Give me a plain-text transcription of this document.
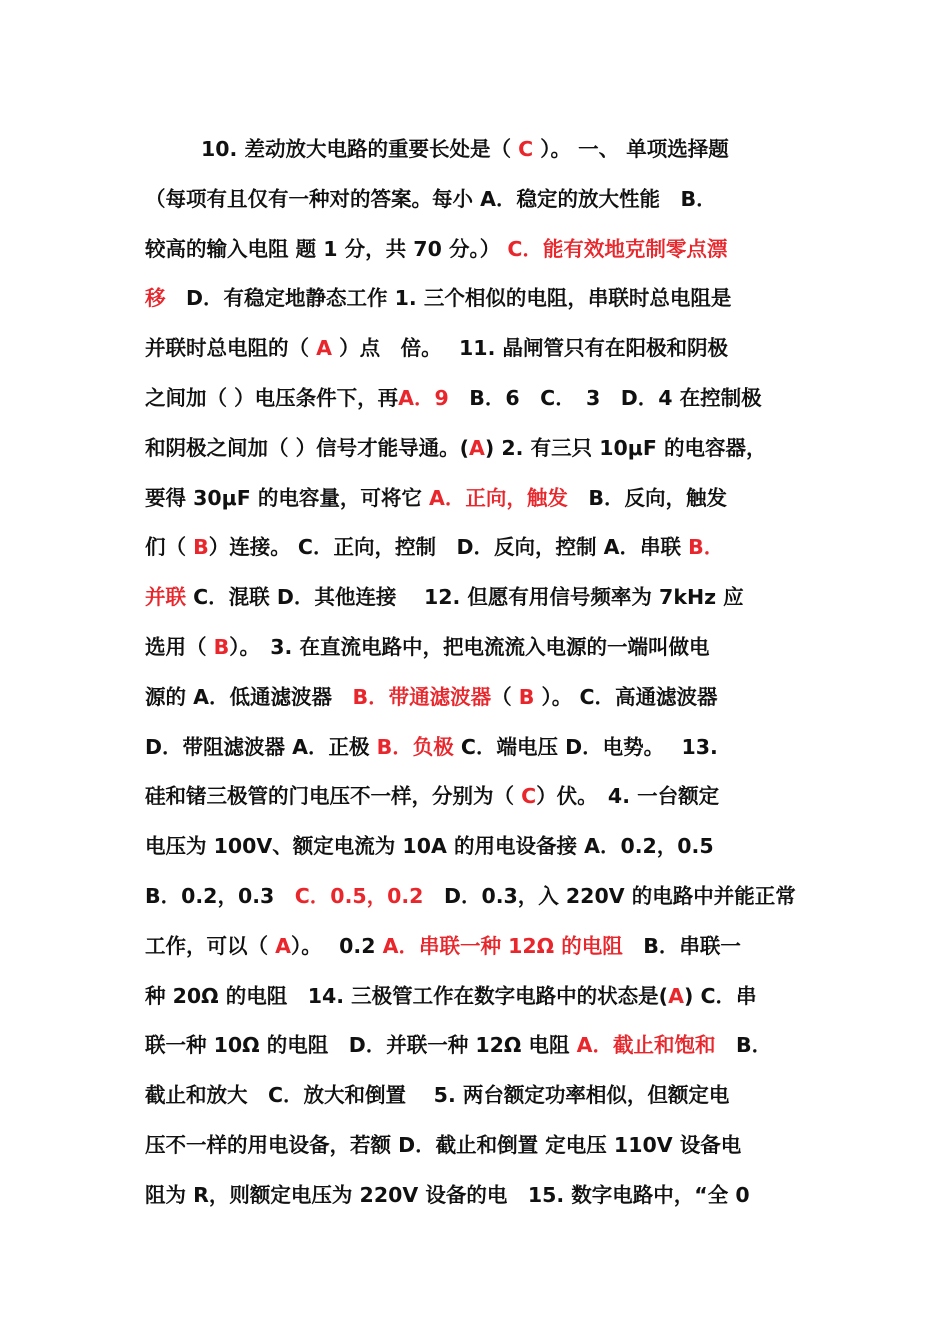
10. 差动放大电路的重要长处是（ C ）。 一、 单项选择题
（每项有且仅有一种对的答案。每小 A．稳定的放大性能　B．
较高的输入电阻 题 1 分，共 70 分。） C．能有效地克制零点漂
移　D．有稳定地静态工作 1. 三个相似的电阻，串联时总电阻是
并联时总电阻的（ A ）点　倍。　 11. 晶闸管只有在阳极和阴极
之间加（ ）电压条件下，再A．9　B．6　C．　3　D．4 在控制极
和阴极之间加（ ）信号才能导通。(A) 2. 有三只 10μF 的电容器，
要得 30μF 的电容量，可将它 A．正向，触发　B．反向，触发
们（ B）连接。 C．正向，控制　D．反向，控制 A．串联 B．
并联 C．混联 D．其他连接　 12. 但愿有用信号频率为 7kHz 应
选用（ B）。　3. 在直流电路中，把电流流入电源的一端叫做电
源的 A．低通滤波器　B．带通滤波器（ B ）。 C．高通滤波器
D．带阻滤波器 A．正极 B．负极 C．端电压 D．电势。　 13.
硅和锗三极管的门电压不一样，分别为（ C）伏。　4. 一台额定
电压为 100V、额定电流为 10A 的用电设备接 A．0.2，0.5
B．0.2，0.3　C．0.5，0.2　D．0.3，入 220V 的电路中并能正常
工作，可以（ A）。　 0.2 A．串联一种 12Ω 的电阻　B．串联一
种 20Ω 的电阻　14. 三极管工作在数字电路中的状态是(A) C．串
联一种 10Ω 的电阻　D．并联一种 12Ω 电阻 A．截止和饱和　B．
截止和放大　C．放大和倒置　 5. 两台额定功率相似，但额定电
压不一样的用电设备，若额 D．截止和倒置 定电压 110V 设备电
阻为 R，则额定电压为 220V 设备的电　15. 数字电路中，“全 0
